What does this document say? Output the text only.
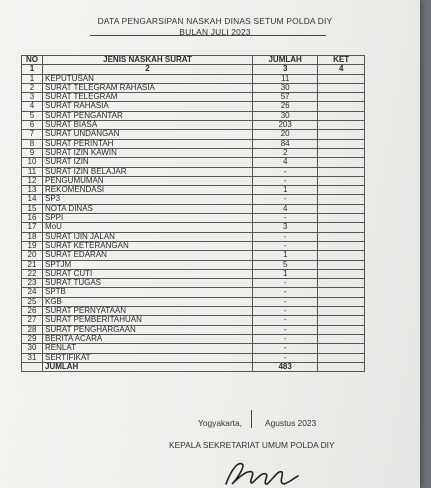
DATA PENGARSIPAN NASKAH DINAS SETUM POLDA DIY
BULAN JULI 2023
NO	JENIS NASKAH SURAT	JUMLAH	KET
1	2	3	4
1	KEPUTUSAN	11	
2	SURAT TELEGRAM RAHASIA	30	
3	SURAT TELEGRAM	57	
4	SURAT RAHASIA	26	
5	SURAT PENGANTAR	30	
6	SURAT BIASA	203	
7	SURAT UNDANGAN	20	
8	SURAT PERINTAH	84	
9	SURAT IZIN KAWIN	2	
10	SURAT IZIN	4	
11	SURAT IZIN BELAJAR	-	
12	PENGUMUMAN	-	
13	REKOMENDASI	1	
14	SP3	-	
15	NOTA DINAS	4	
16	SPPI	-	
17	MoU	3	
18	SURAT IJIN JALAN	-	
19	SURAT KETERANGAN	-	
20	SURAT EDARAN	1	
21	SPTJM	5	
22	SURAT CUTI	1	
23	SURAT TUGAS	-	
24	SPTB	-	
25	KGB	-	
26	SURAT PERNYATAAN	-	
27	SURAT PEMBERITAHUAN	-	
28	SURAT PENGHARGAAN	-	
29	BERITA ACARA	-	
30	RENLAT	-	
31	SERTIFIKAT	-	
	JUMLAH	483	
Yogyakarta,	Agustus 2023
KEPALA SEKRETARIAT UMUM POLDA DIY
